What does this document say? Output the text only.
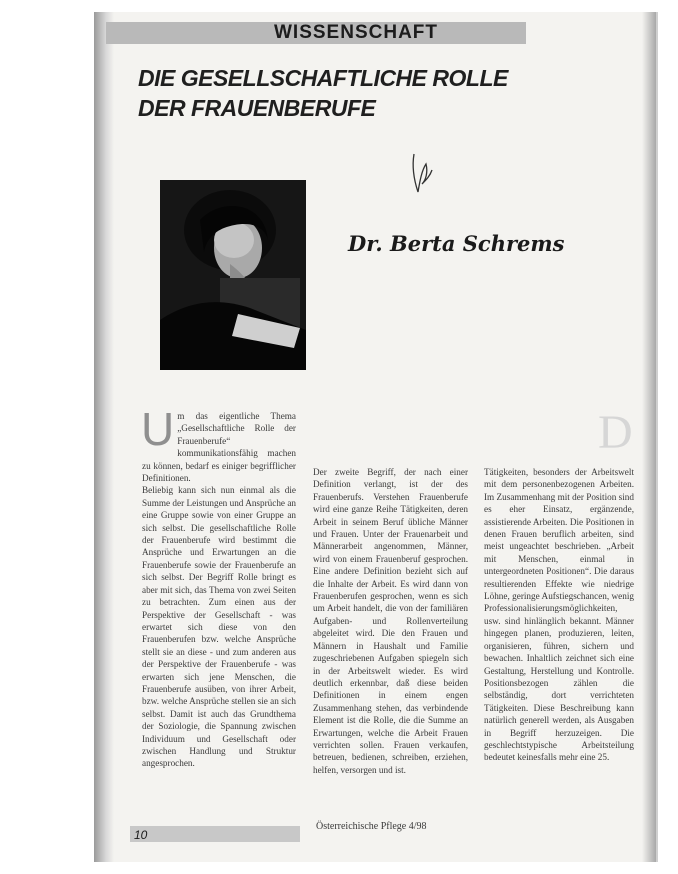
WISSENSCHAFT
DIE GESELLSCHAFTLICHE ROLLE
DER FRAUENBERUFE
Dr. Berta Schrems
D
U m das eigentliche Thema „Gesellschaftliche Rolle der Frauenberufe“ kommunikationsfähig machen zu können, bedarf es einiger begrifflicher Definitionen.
Beliebig kann sich nun einmal als die Summe der Leistungen und Ansprüche an eine Gruppe sowie von einer Gruppe an sich selbst. Die gesellschaftliche Rolle der Frauenberufe wird bestimmt die Ansprüche und Erwartungen an die Frauenberufe sowie der Frauenberufe an sich selbst. Der Begriff Rolle bringt es aber mit sich, das Thema von zwei Seiten zu betrachten. Zum einen aus der Perspektive der Gesellschaft - was erwartet sich diese von den Frauenberufen bzw. welche Ansprüche stellt sie an diese - und zum anderen aus der Perspektive der Frauenberufe - was erwarten sich jene Menschen, die Frauenberufe ausüben, von ihrer Arbeit, bzw. welche Ansprüche stellen sie an sich selbst. Damit ist auch das Grundthema der Soziologie, die Spannung zwischen Individuum und Gesellschaft oder zwischen Handlung und Struktur angesprochen.
Der zweite Begriff, der nach einer Definition verlangt, ist der des Frauenberufs. Verstehen Frauenberufe wird eine ganze Reihe Tätigkeiten, deren Arbeit in seinem Beruf übliche Männer und Frauen. Unter der Frauenarbeit und Männerarbeit angenommen, Männer, wird von einem Frauenberuf gesprochen. Eine andere Definition bezieht sich auf die Inhalte der Arbeit. Es wird dann von Frauenberufen gesprochen, wenn es sich um Arbeit handelt, die von der familiären Aufgaben- und Rollenverteilung abgeleitet wird. Die den Frauen und Männern in Haushalt und Familie zugeschriebenen Aufgaben spiegeln sich in der Arbeitswelt wieder. Es wird deutlich erkennbar, daß diese beiden Definitionen in einem engen Zusammenhang stehen, das verbindende Element ist die Rolle, die die Summe an Erwartungen, welche die Arbeit Frauen verrichten sollen. Frauen verkaufen, betreuen, bedienen, schreiben, erziehen, helfen, versorgen und ist.
Tätigkeiten, besonders der Arbeitswelt mit dem personenbezogenen Arbeiten. Im Zusammenhang mit der Position sind es eher Einsatz, ergänzende, assistierende Arbeiten. Die Positionen in denen Frauen beruflich arbeiten, sind meist ungeachtet beschrieben. „Arbeit mit Menschen, einmal in untergeordneten Positionen“. Die daraus resultierenden Effekte wie niedrige Löhne, geringe Aufstiegschancen, wenig Professionalisierungsmöglichkeiten, usw. sind hinlänglich bekannt. Männer hingegen planen, produzieren, leiten, organisieren, führen, sichern und bewachen. Inhaltlich zeichnet sich eine Gestaltung, Herstellung und Kontrolle. Positionsbezogen zählen die selbständig, dort verrichteten Tätigkeiten. Diese Beschreibung kann natürlich generell werden, als Ausgaben in Begriff herzuzeigen. Die geschlechtstypische Arbeitsteilung bedeutet keinesfalls mehr eine 25.
10
Österreichische Pflege 4/98
